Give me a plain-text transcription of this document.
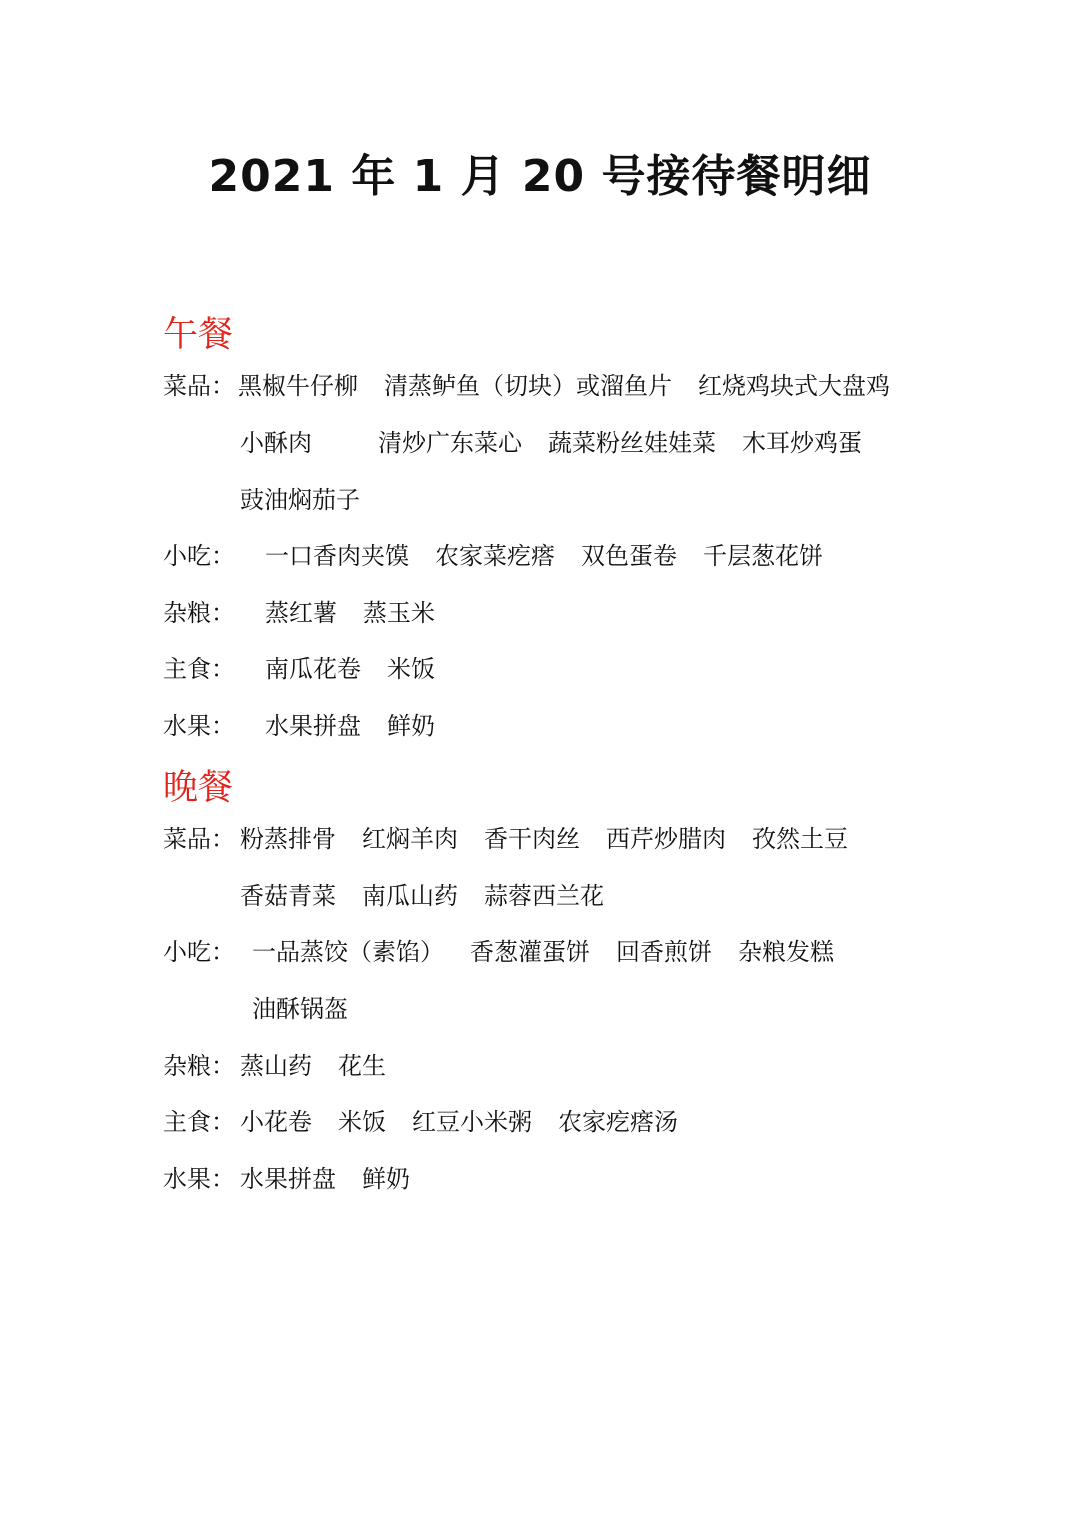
2021 年 1 月 20 号接待餐明细
午餐
菜品： 黑椒牛仔柳 清蒸鲈鱼（切块）或溜鱼片 红烧鸡块式大盘鸡
小酥肉	清炒广东菜心 蔬菜粉丝娃娃菜 木耳炒鸡蛋
豉油焖茄子
小吃： 一口香肉夹馍 农家菜疙瘩 双色蛋卷 千层葱花饼
杂粮： 蒸红薯 蒸玉米
主食： 南瓜花卷 米饭
水果： 水果拼盘 鲜奶
晚餐
菜品： 粉蒸排骨 红焖羊肉 香干肉丝 西芹炒腊肉 孜然土豆
香菇青菜 南瓜山药 蒜蓉西兰花
小吃： 一品蒸饺（素馅） 香葱灌蛋饼 回香煎饼 杂粮发糕
油酥锅盔
杂粮： 蒸山药 花生
主食： 小花卷 米饭 红豆小米粥 农家疙瘩汤
水果： 水果拼盘 鲜奶
